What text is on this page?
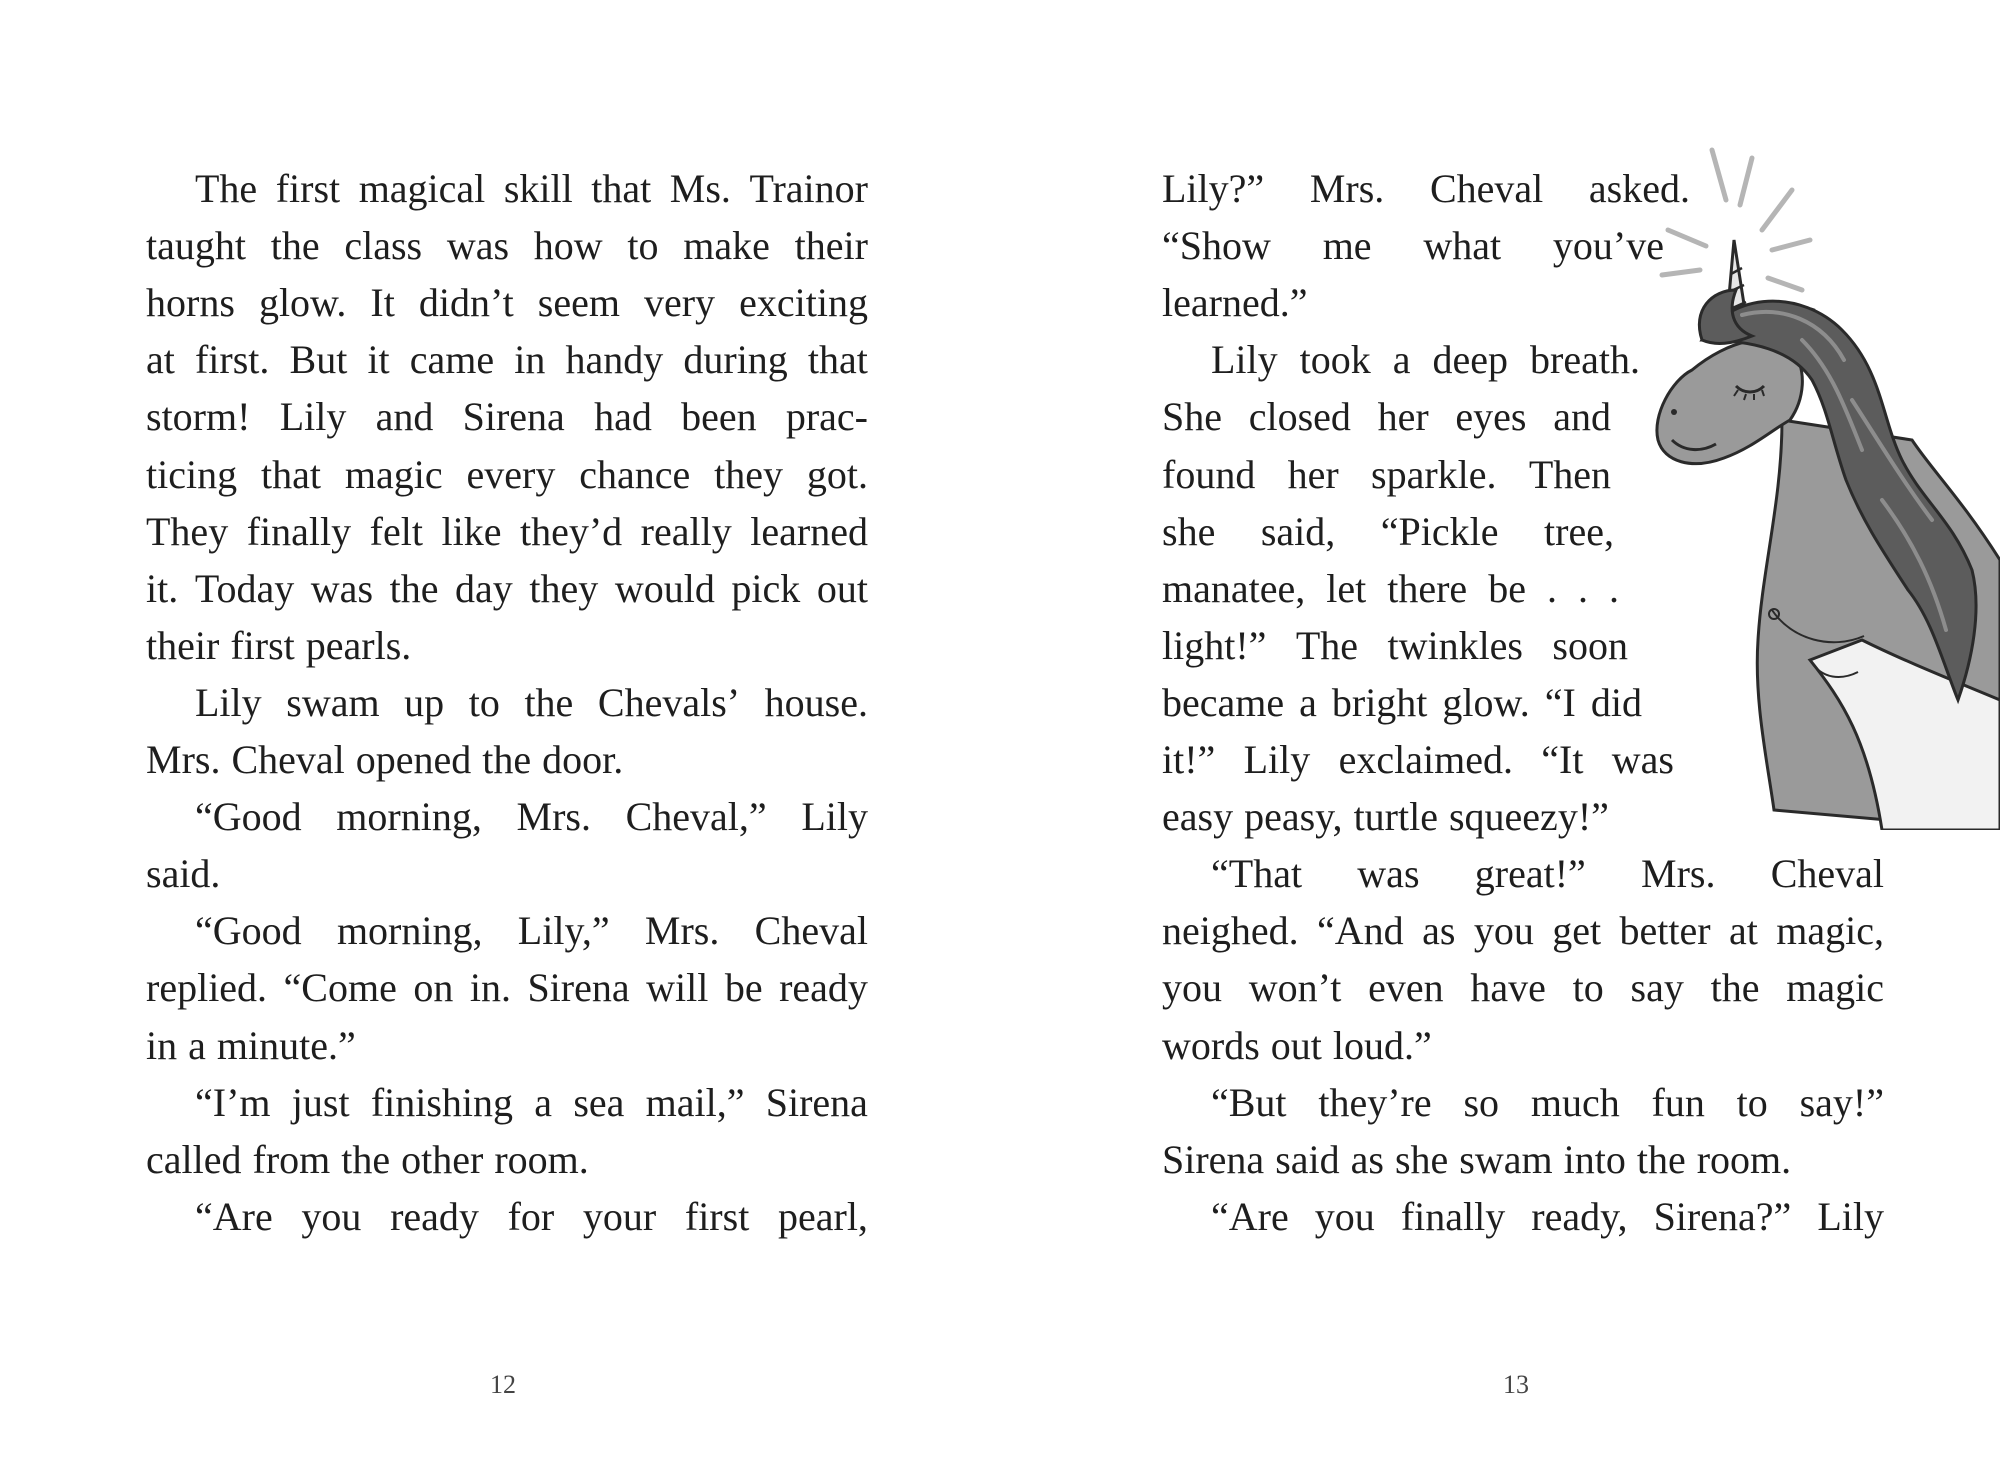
The first magical skill that Ms. Trainor
taught the class was how to make their
horns glow. It didn’t seem very exciting
at first. But it came in handy during that
storm! Lily and Sirena had been prac-
ticing that magic every chance they got.
They finally felt like they’d really learned
it. Today was the day they would pick out
their first pearls.
Lily swam up to the Chevals’ house.
Mrs. Cheval opened the door.
“Good morning, Mrs. Cheval,” Lily
said.
“Good morning, Lily,” Mrs. Cheval
replied. “Come on in. Sirena will be ready
in a minute.”
“I’m just finishing a sea mail,” Sirena
called from the other room.
“Are you ready for your first pearl,
12
Lily?” Mrs. Cheval asked.
“Show me what you’ve
learned.”
Lily took a deep breath.
She closed her eyes and
found her sparkle. Then
she said, “Pickle tree,
manatee, let there be . . .
light!” The twinkles soon
became a bright glow. “I did
it!” Lily exclaimed. “It was
easy peasy, turtle squeezy!”
“That was great!” Mrs. Cheval
neighed. “And as you get better at magic,
you won’t even have to say the magic
words out loud.”
“But they’re so much fun to say!”
Sirena said as she swam into the room.
“Are you finally ready, Sirena?” Lily
13
